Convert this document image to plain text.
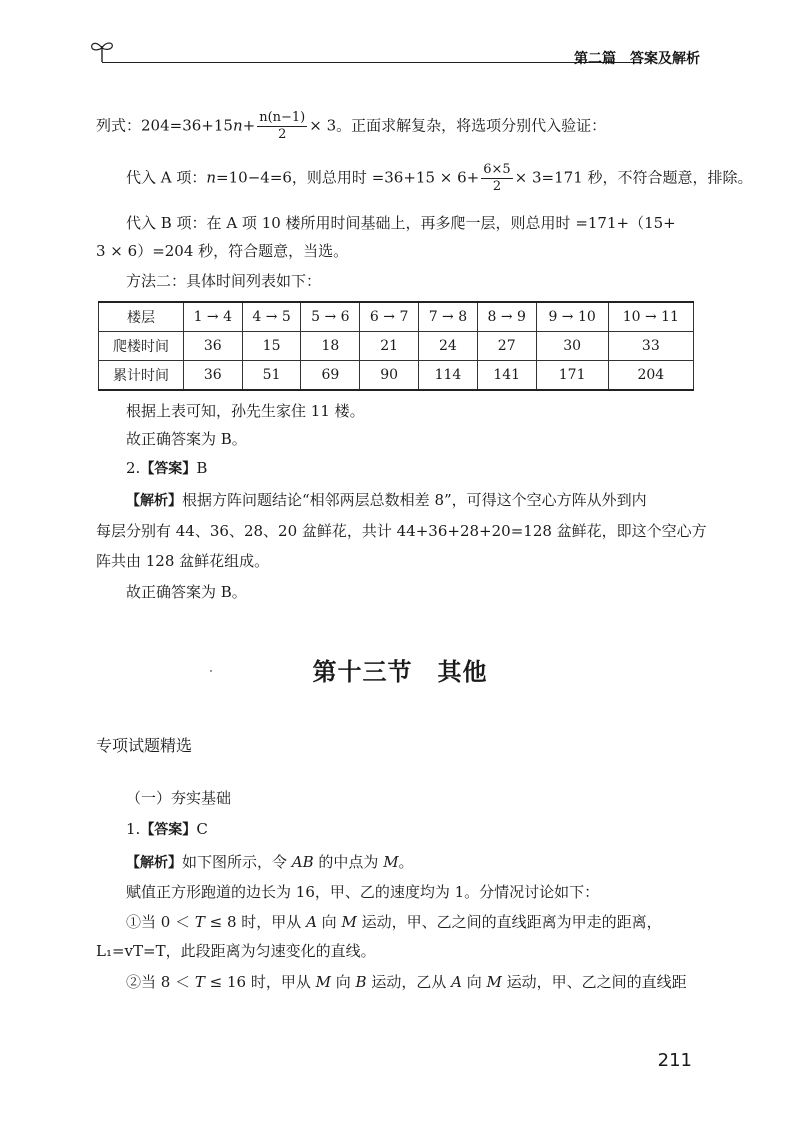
第二篇　答案及解析
列式：$204=36+15n+ \frac{n(n-1)}{2} \times 3$。正面求解复杂，将选项分别代入验证：
代入 A 项：n=10−4=6，则总用时 $=36+15 \times 6+ \frac{6\times 5}{2} \times 3=171$ 秒，不符合题意，排除。
代入 B 项：在 A 项 10 楼所用时间基础上，再多爬一层，则总用时 =171+（15+
3 × 6）=204 秒，符合题意，当选。
方法二：具体时间列表如下：
楼层	1 → 4	4 → 5	5 → 6	6 → 7	7 → 8	8 → 9	9 → 10	10 → 11
爬楼时间	36	15	18	21	24	27	30	33
累计时间	36	51	69	90	114	141	171	204
根据上表可知，孙先生家住 11 楼。
故正确答案为 B。
2.【答案】B
【解析】根据方阵问题结论“相邻两层总数相差 8”，可得这个空心方阵从外到内
每层分别有 44、36、28、20 盆鲜花，共计 44+36+28+20=128 盆鲜花，即这个空心方
阵共由 128 盆鲜花组成。
故正确答案为 B。
第十三节　其他
专项试题精选
（一）夯实基础
1.【答案】C
【解析】如下图所示，令 AB 的中点为 M。
赋值正方形跑道的边长为 16，甲、乙的速度均为 1。分情况讨论如下：
①当 0 ＜ T ≤ 8 时，甲从 A 向 M 运动，甲、乙之间的直线距离为甲走的距离，
L₁=vT=T，此段距离为匀速变化的直线。
②当 8 ＜ T ≤ 16 时，甲从 M 向 B 运动，乙从 A 向 M 运动，甲、乙之间的直线距
211
